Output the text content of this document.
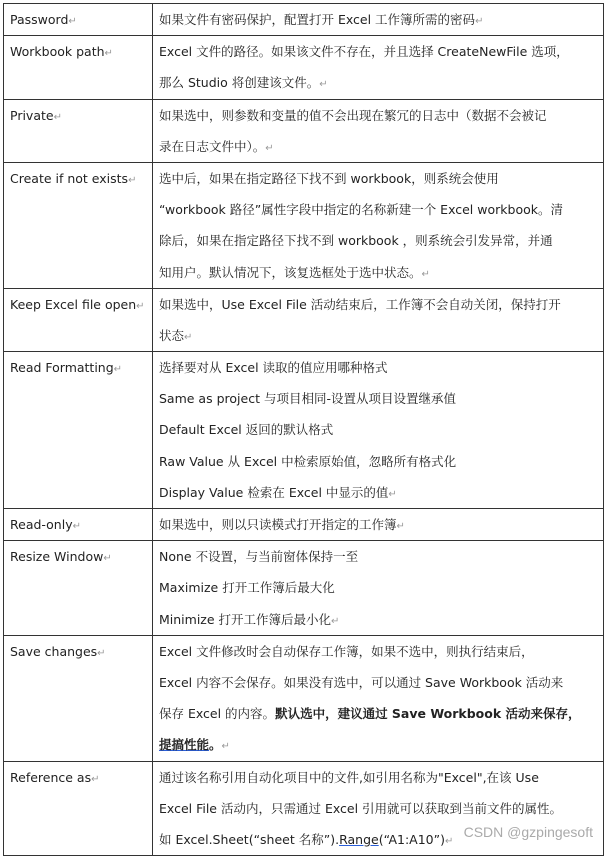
Password↵	如果文件有密码保护，配置打开 Excel 工作簿所需的密码↵

Workbook path↵	Excel 文件的路径。如果该文件不存在，并且选择 CreateNewFile 选项，
那么 Studio 将创建该文件。↵

Private↵	如果选中，则参数和变量的值不会出现在繁冗的日志中（数据不会被记
录在日志文件中）。↵

Create if not exists↵	选中后，如果在指定路径下找不到 workbook，则系统会使用
“workbook 路径”属性字段中指定的名称新建一个 Excel workbook。清
除后，如果在指定路径下找不到 workbook ，则系统会引发异常，并通
知用户。默认情况下，该复选框处于选中状态。↵

Keep Excel file open↵	如果选中，Use Excel File 活动结束后，工作簿不会自动关闭，保持打开
状态↵

Read Formatting↵	选择要对从 Excel 读取的值应用哪种格式
Same as project 与项目相同-设置从项目设置继承值
Default Excel 返回的默认格式
Raw Value 从 Excel 中检索原始值，忽略所有格式化
Display Value 检索在 Excel 中显示的值↵

Read-only↵	如果选中，则以只读模式打开指定的工作簿↵

Resize Window↵	None 不设置，与当前窗体保持一至
Maximize 打开工作簿后最大化
Minimize 打开工作簿后最小化↵

Save changes↵	Excel 文件修改时会自动保存工作簿，如果不选中，则执行结束后，
Excel 内容不会保存。如果没有选中，可以通过 Save Workbook 活动来
保存 Excel 的内容。默认选中，建议通过 Save Workbook 活动来保存，
提搞性能。↵

Reference as↵	通过该名称引用自动化项目中的文件,如引用名称为"Excel",在该 Use
Excel File 活动内，只需通过 Excel 引用就可以获取到当前文件的属性。
如 Excel.Sheet(“sheet 名称”).Range(“A1:A10”)↵
CSDN @gzpingesoft
